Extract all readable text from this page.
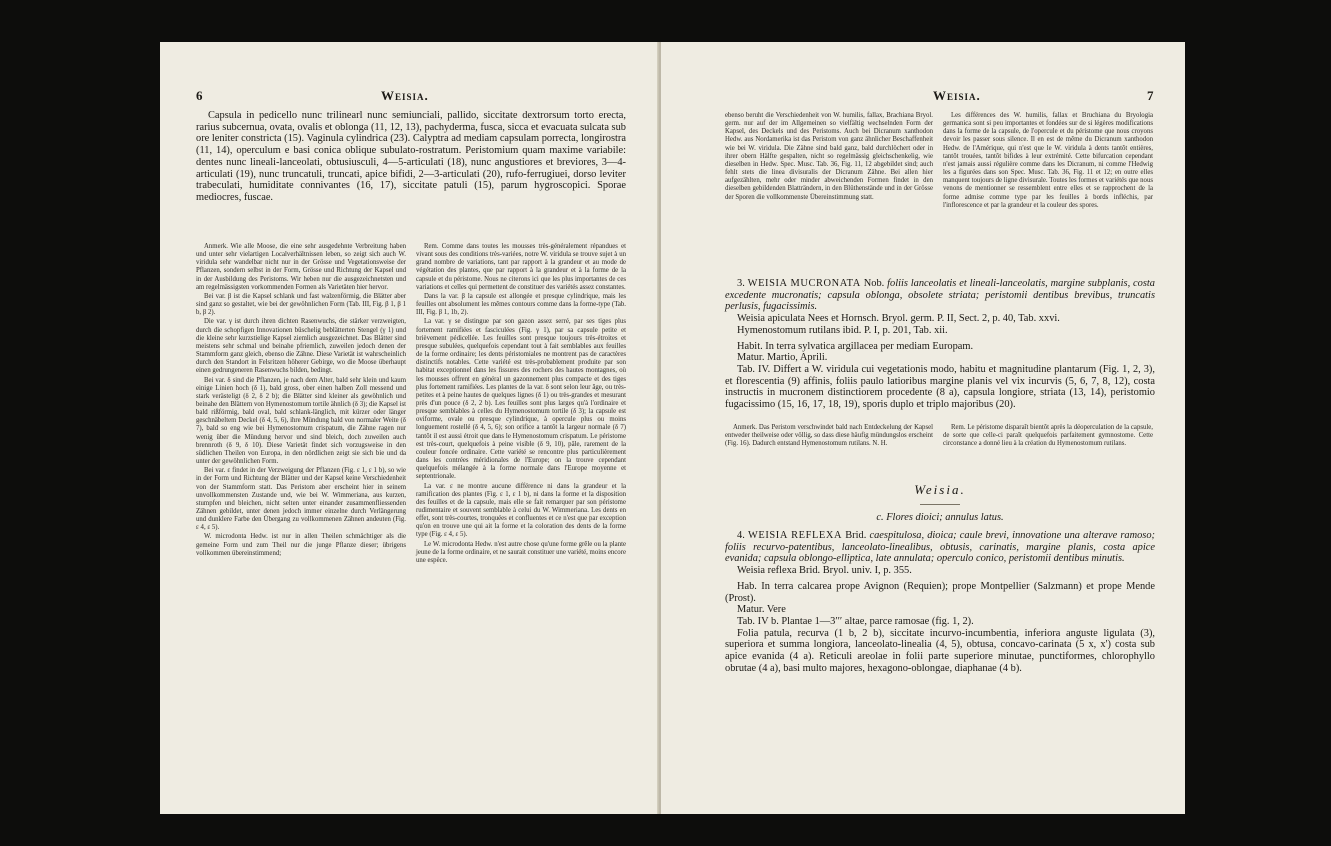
6	Weisia.

Capsula in pedicello nunc trilinearl nunc semiunciali, pallido, siccitate dextrorsum torto erecta, rarius subcernua, ovata, ovalis et oblonga (11, 12, 13), pachyderma, fusca, sicca et evacuata sulcata sub ore leniter constricta (15). Vaginula cylindrica (23). Calyptra ad mediam capsulam porrecta, longirostra (11, 14), operculum e basi conica oblique subulato-rostratum. Peristomium quam maxime variabile: dentes nunc lineali-lanceolati, obtusiusculi, 4—5-articulati (18), nunc angustiores et breviores, 3—4-articulati (19), nunc truncatuli, truncati, apice bifidi, 2—3-articulati (20), rufo-ferrugiuei, dorso leviter trabeculati, humiditate connivantes (16, 17), siccitate patuli (15), parum hygroscopici. Sporae mediocres, fuscae.

Anmerk. Wie alle Moose, die eine sehr ausgedehnte Verbreitung haben und unter sehr vielartigen Localverhältnissen leben, so zeigt sich auch W. viridula sehr wandelbar nicht nur in der Grösse und Vegetationsweise der Pflanzen, sondern selbst in der Form, Grösse und Richtung der Kapsel und in der Ausbildung des Peristoms. Wir heben nur die ausgezeichnetsten und am regelmässigsten vorkommenden Formen als Varietäten hier hervor.

Bei var. β ist die Kapsel schlank und fast walzenförmig, die Blätter aber sind ganz so gestaltet, wie bei der gewöhnlichen Form (Tab. III, Fig. β 1, β 1 b, β 2).

Die var. γ ist durch ihren dichten Rasenwuchs, die stärker verzweigten, durch die schopfigen Innovationen büschelig beblätterten Stengel (γ 1) und die kleine sehr kurzstielige Kapsel ziemlich ausgezeichnet. Das Blätter sind meistens sehr schmal und beinahe pfriemlich, zuweilen jedoch denen der Stammform ganz gleich, ebenso die Zähne. Diese Varietät ist wahrscheinlich durch den Standort in Felsritzen höherer Gebirge, wo die Moose überhaupt einen gedrungeneren Rasenwuchs bilden, bedingt.

Bei var. δ sind die Pflanzen, je nach dem Alter, bald sehr klein und kaum einige Linien hoch (δ 1), bald gross, ober einen halben Zoll messend und stark verästeligt (δ 2, δ 2 b); die Blätter sind kleiner als gewöhnlich und beinahe den Blättern von Hymenostomum tortile ähnlich (δ 3); die Kapsel ist bald rißförmig, bald oval, bald schlank-länglich, mit kürzer oder länger geschnäbeltem Deckel (δ 4, 5, 6), ihre Mündung bald von normaler Weite (δ 7), bald so eng wie bei Hymenostomum crispatum, die Zähne ragen nur wenig über die Mündung hervor und sind bleich, doch zuweilen auch brennroth (δ 9, δ 10). Diese Varietät findet sich vorzugsweise in den südlichen Theilen von Europa, in den nördlichen zeigt sie sich bie und da unter der gewöhnlichen Form.

Bei var. ε findet in der Verzweigung der Pflanzen (Fig. ε 1, ε 1 b), so wie in der Form und Richtung der Blätter und der Kapsel keine Verschiedenheit von der Stammform statt. Das Peristom aber erscheint hier in seinem unvollkommensten Zustande und, wie bei W. Wimmeriana, aus kurzen, stumpfen und bleichen, nicht selten unter einander zusammenfliessenden Zähnen gebildet, unter denen jedoch immer einzelne durch Verlängerung und dunklere Farbe den Übergang zu vollkommenen Zähnen andeuten (Fig. ε 4, ε 5).

W. microdonta Hedw. ist nur in allen Theilen schmächtiger als die gemeine Form und zum Theil nur die junge Pflanze dieser; übrigens vollkommen übereinstimmend;

Rem. Comme dans toutes les mousses très-généralement répandues et vivant sous des conditions très-variées, notre W. viridula se trouve sujet à un grand nombre de variations, tant par rapport à la grandeur et au mode de végétation des plantes, que par rapport à la grandeur et à la forme de la capsule et du péristome. Nous ne citerons ici que les plus importantes de ces variations et celles qui permettent de constituer des variétés assez constantes.

Dans la var. β la capsule est allongée et presque cylindrique, mais les feuilles ont absolument les mêmes contours comme dans la forme-type (Tab. III, Fig. β 1, 1b, 2).

La var. γ se distingue par son gazon assez serré, par ses tiges plus fortement ramifiées et fasciculées (Fig. γ 1), par sa capsule petite et brièvement pédicellée. Les feuilles sont presque toujours très-étroites et presque subulées, quelquefois cependant tout à fait semblables aux feuilles de la forme ordinaire; les dents péristomiales ne montrent pas de caractères distinctifs notables. Cette variété est très-probablement produite par son habitat exceptionnel dans les fissures des rochers des hautes montagnes, où les mousses offrent en général un gazonnement plus compacte et des tiges plus fortement ramifiées. Les plantes de la var. δ sont selon leur âge, ou très-petites et à peine hautes de quelques lignes (δ 1) ou très-grandes et mesurant près d'un pouce (δ 2, 2 b). Les feuilles sont plus larges qu'à l'ordinaire et presque semblables à celles du Hymenostomum tortile (δ 3); la capsule est oviforme, ovale ou presque cylindrique, à opercule plus ou moins longuement rostellé (δ 4, 5, 6); son orifice a tantôt la largeur normale (δ 7) tantôt il est aussi étroit que dans le Hymenostomum crispatum. Le péristome est très-court, quelquefois à peine visible (δ 9, 10), pâle, rarement de la couleur foncée ordinaire. Cette variété se rencontre plus particulièrement dans les contrées méridionales de l'Europe; on la trouve cependant quelquefois mélangée à la forme normale dans l'Europe moyenne et septentrionale.

La var. ε ne montre aucune différence ni dans la grandeur et la ramification des plantes (Fig. ε 1, ε 1 b), ni dans la forme et la disposition des feuilles et de la capsule, mais elle se fait remarquer par son péristome rudimentaire et souvent semblable à celui du W. Wimmeriana. Les dents en effet, sont très-courtes, tronquées et confluentes et ce n'est que par exception qu'on en trouve une qui ait la forme et la coloration des dents de la forme type (Fig. ε 4, ε 5).

Le W. microdonta Hedw. n'est autre chose qu'une forme grêle ou la plante jeune de la forme ordinaire, et ne saurait constituer une variété, moins encore une espèce.

Weisia.	7

ebenso beruht die Verschiedenheit von W. humilis, fallax, Brachiana Bryol. germ. nur auf der im Allgemeinen so vielfältig wechselnden Form der Kapsel, des Deckels und des Peristoms. Auch bei Dicranum xanthodon Hedw. aus Nordamerika ist das Peristom von ganz ähnlicher Beschaffenheit wie bei W. viridula. Die Zähne sind bald ganz, bald durchlöchert oder in ihrer obern Hälfte gespalten, nicht so regelmässig gleichschenkelig, wie dieselben in Hedw. Spec. Musc. Tab. 36, Fig. 11, 12 abgebildet sind; auch fehlt stets die linea divisuralis der Dicranum Zähne. Bei allen hier aufgezählten, mehr oder minder abweichenden Formen findet in den dieselben gebildenden Blatträndern, in den Blüthenstände und in der Grösse der Sporen die vollkommenste Übereinstimmung statt.

Les différences des W. humilis, fallax et Bruchiana du Bryologia germanica sont si peu importantes et fondées sur de si légères modifications dans la forme de la capsule, de l'opercule et du péristome que nous croyons devoir les passer sous silence. Il en est de même du Dicranum xanthodon Hedw. de l'Amérique, qui n'est que le W. viridula à dents tantôt entières, tantôt trouées, tantôt bifides à leur extrémité. Cette bifurcation cependant n'est jamais aussi régulière comme dans les Dicranum, ni comme l'Hedwig les a figurées dans son Spec. Musc. Tab. 36, Fig. 11 et 12; en outre elles manquent toujours de ligne divisurale. Toutes les formes et variétés que nous venons de mentionner se ressemblent entre elles et se rapprochent de la forme admise comme type par les feuilles à bords infléchis, par l'inflorescence et par la grandeur et la couleur des spores.

3. WEISIA MUCRONATA Nob. foliis lanceolatis et lineali-lanceolatis, margine subplanis, costa excedente mucronatis; capsula oblonga, obsolete striata; peristomii dentibus brevibus, truncatis perlusis, fugacissimis.

Weisia apiculata Nees et Hornsch. Bryol. germ. P. II, Sect. 2, p. 40, Tab. xxvi.

Hymenostomum rutilans ibid. P. I, p. 201, Tab. xii.

Habit. In terra sylvatica argillacea per mediam Europam.

Matur. Martio, Aprili.

Tab. IV. Differt a W. viridula cui vegetationis modo, habitu et magnitudine plantarum (Fig. 1, 2, 3), et florescentia (9) affinis, foliis paulo latioribus margine planis vel vix incurvis (5, 6, 7, 8, 12), costa instructis in mucronem distinctiorem procedente (8 a), capsula longiore, striata (13, 14), peristomio fugacissimo (15, 16, 17, 18, 19), sporis duplo et triplo majoribus (20).

Anmerk. Das Peristom verschwindet bald nach Entdeckelung der Kapsel entweder theilweise oder völlig, so dass diese häufig mündungslos erscheint (Fig. 16). Dadurch entstand Hymenostomum rutilans. N. H.

Rem. Le péristome disparaît bientôt après la déoperculation de la capsule, de sorte que celle-ci paraît quelquefois parfaitement gymnostome. Cette circonstance a donné lieu à la création du Hymenostomum rutilans.

Weisia.
c. Flores dioici; annulus latus.

4. WEISIA REFLEXA Brid. caespitulosa, dioica; caule brevi, innovatione una alterave ramoso; foliis recurvo-patentibus, lanceolato-linealibus, obtusis, carinatis, margine planis, costa apice evanida; capsula oblongo-elliptica, late annulata; operculo conico, peristomii dentibus minutis.

Weisia reflexa Brid. Bryol. univ. I, p. 355.

Hab. In terra calcarea prope Avignon (Requien); prope Montpellier (Salzmann) et prope Mende (Prost).

Matur. Vere

Tab. IV b. Plantae 1—3′′′ altae, parce ramosae (fig. 1, 2).

Folia patula, recurva (1 b, 2 b), siccitate incurvo-incumbentia, inferiora anguste ligulata (3), superiora et summa longiora, lanceolato-linealia (4, 5), obtusa, concavo-carinata (5 x, x') costa sub apice evanida (4 a). Reticuli areolae in folii parte superiore minutae, punctiformes, chlorophyllo obrutae (4 a), basi multo majores, hexagono-oblongae, diaphanae (4 b).
